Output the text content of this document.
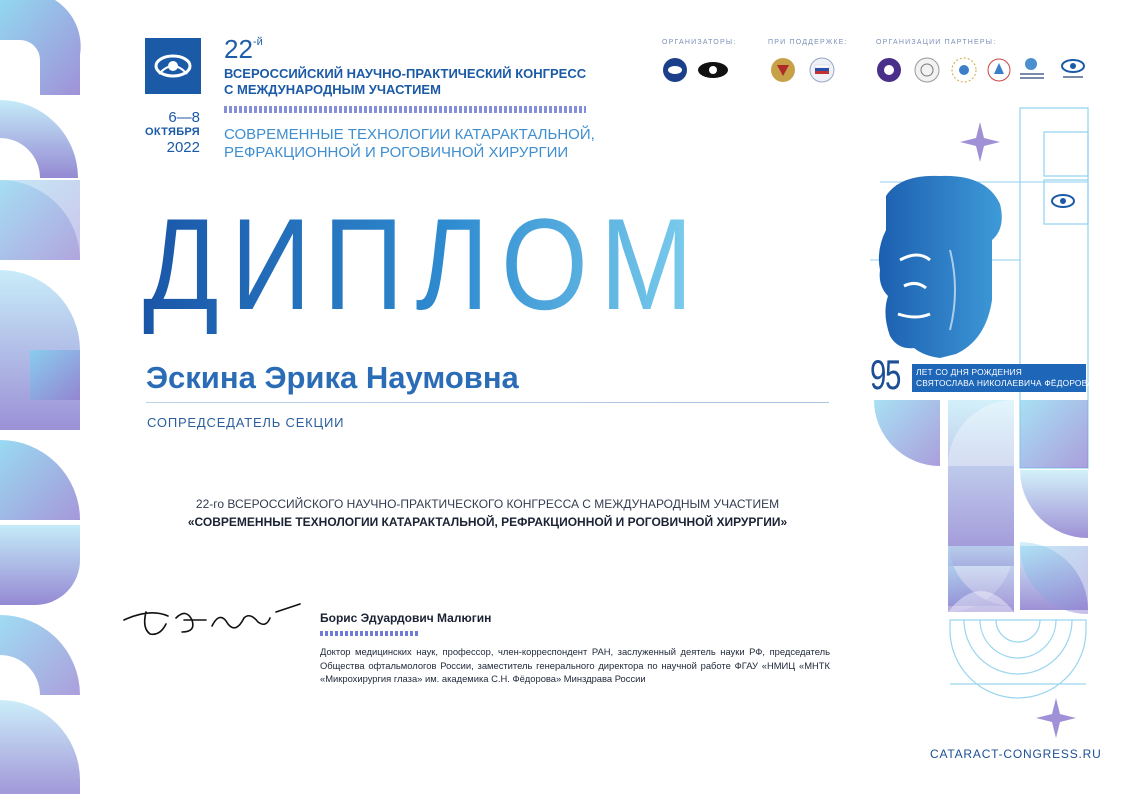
$22^{-й}$
ВСЕРОССИЙСКИЙ НАУЧНО-ПРАКТИЧЕСКИЙ КОНГРЕСС
С МЕЖДУНАРОДНЫМ УЧАСТИЕМ
6—8
ОКТЯБРЯ
2022
СОВРЕМЕННЫЕ ТЕХНОЛОГИИ КАТАРАКТАЛЬНОЙ,
РЕФРАКЦИОННОЙ И РОГОВИЧНОЙ ХИРУРГИИ
ОРГАНИЗАТОРЫ:	ПРИ ПОДДЕРЖКЕ:	ОРГАНИЗАЦИИ ПАРТНЕРЫ:
ДИПЛОМ
Эскина Эрика Наумовна
СОПРЕДСЕДАТЕЛЬ СЕКЦИИ
22-го ВСЕРОССИЙСКОГО НАУЧНО-ПРАКТИЧЕСКОГО КОНГРЕССА С МЕЖДУНАРОДНЫМ УЧАСТИЕМ
«СОВРЕМЕННЫЕ ТЕХНОЛОГИИ КАТАРАКТАЛЬНОЙ, РЕФРАКЦИОННОЙ И РОГОВИЧНОЙ ХИРУРГИИ»
Борис Эдуардович Малюгин
Доктор медицинских наук, профессор, член-корреспондент РАН, заслуженный деятель науки РФ, председатель Общества офтальмологов России, заместитель генерального директора по научной работе ФГАУ «НМИЦ «МНТК «Микрохирургия глаза» им. академика С.Н. Фёдорова» Минздрава России
95 ЛЕТ СО ДНЯ РОЖДЕНИЯ
СВЯТОСЛАВА НИКОЛАЕВИЧА ФЁДОРОВА
CATARACT-CONGRESS.RU
